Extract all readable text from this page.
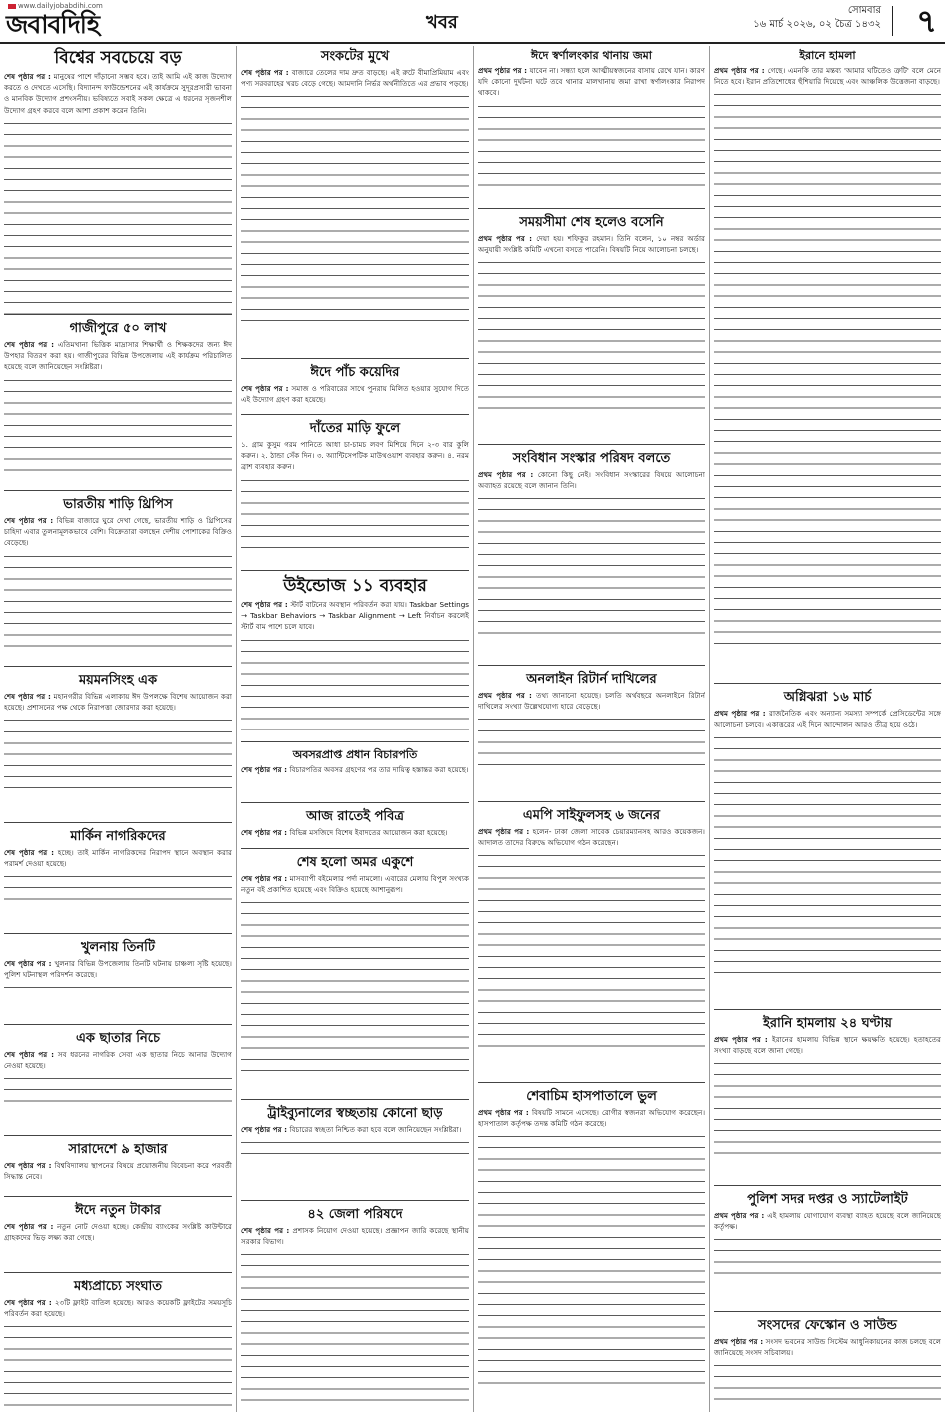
www.dailyjobabdihi.com
জবাবদিহি	খবর
সোমবার
১৬ মার্চ ২০২৬, ০২ চৈত্র ১৪৩২ ৭
বিশ্বের সবচেয়ে বড়

শেষ পৃষ্ঠার পর : মানুষের পাশে দাঁড়ানো সম্ভব হবে। তাই আমি এই কাজ উদ্যোগ করতে ও দেখতে এসেছি। বিদ্যানন্দ ফাউন্ডেশনের এই কার্যক্রমে সুদূরপ্রসারী ভাবনা ও মানবিক উদ্যোগ প্রশংসনীয়। ভবিষ্যতে সবাই সকল ক্ষেত্রে এ ধরনের সৃজনশীল উদ্যোগ গ্রহণ করবে বলে আশা প্রকাশ করেন তিনি।

গাজীপুরে ৫০ লাখ

শেষ পৃষ্ঠার পর : এতিমখানা ভিত্তিক মাদ্রাসার শিক্ষার্থী ও শিক্ষকদের জন্য ঈদ উপহার বিতরণ করা হয়। গাজীপুরের বিভিন্ন উপজেলায় এই কার্যক্রম পরিচালিত হয়েছে বলে জানিয়েছেন সংশ্লিষ্টরা।

ভারতীয় শাড়ি থ্রিপিস

শেষ পৃষ্ঠার পর : বিভিন্ন বাজারে ঘুরে দেখা গেছে, ভারতীয় শাড়ি ও থ্রিপিসের চাহিদা এবার তুলনামূলকভাবে বেশি। বিক্রেতারা বলছেন দেশীয় পোশাকের বিক্রিও বেড়েছে।

ময়মনসিংহ এক

শেষ পৃষ্ঠার পর : মহানগরীর বিভিন্ন এলাকায় ঈদ উপলক্ষে বিশেষ আয়োজন করা হয়েছে। প্রশাসনের পক্ষ থেকে নিরাপত্তা জোরদার করা হয়েছে।

মার্কিন নাগরিকদের

শেষ পৃষ্ঠার পর : হচ্ছে। তাই মার্কিন নাগরিকদের নিরাপদ স্থানে অবস্থান করার পরামর্শ দেওয়া হয়েছে।

খুলনায় তিনটি

শেষ পৃষ্ঠার পর : খুলনার বিভিন্ন উপজেলায় তিনটি ঘটনায় চাঞ্চল্য সৃষ্টি হয়েছে। পুলিশ ঘটনাস্থল পরিদর্শন করেছে।

এক ছাতার নিচে

শেষ পৃষ্ঠার পর : সব ধরনের নাগরিক সেবা এক ছাতার নিচে আনার উদ্যোগ নেওয়া হয়েছে।

সারাদেশে ৯ হাজার

শেষ পৃষ্ঠার পর : বিশ্ববিদ্যালয় স্থাপনের বিষয়ে প্রয়োজনীয় বিবেচনা করে পরবর্তী সিদ্ধান্ত নেবে।

ঈদে নতুন টাকার

শেষ পৃষ্ঠার পর : নতুন নোট দেওয়া হচ্ছে। কেন্দ্রীয় ব্যাংকের সংশ্লিষ্ট কাউন্টারে গ্রাহকদের ভিড় লক্ষ্য করা গেছে।

মধ্যপ্রাচ্যে সংঘাত

শেষ পৃষ্ঠার পর : ২৩টি ফ্লাইট বাতিল হয়েছে। আরও কয়েকটি ফ্লাইটের সময়সূচি পরিবর্তন করা হয়েছে।

সংকটের মুখে

শেষ পৃষ্ঠার পর : বাজারে তেলের দাম দ্রুত বাড়ছে। এই রুটে বীমাপ্রিমিয়াম এবং পণ্য সরবরাহের খরচ বেড়ে গেছে। আমদানি নির্ভর অর্থনীতিতে এর প্রভাব পড়ছে।

ঈদে পাঁচ কয়েদির

শেষ পৃষ্ঠার পর : সমাজ ও পরিবারের সাথে পুনরায় মিলিত হওয়ার সুযোগ দিতে এই উদ্যোগ গ্রহণ করা হয়েছে।

দাঁতের মাড়ি ফুলে

১. গ্রাম কুসুম গরম পানিতে আধা চা-চামচ লবণ মিশিয়ে দিনে ২-৩ বার কুলি করুন। ২. ঠান্ডা সেঁক দিন। ৩. অ্যান্টিসেপটিক মাউথওয়াশ ব্যবহার করুন। ৪. নরম ব্রাশ ব্যবহার করুন।

উইন্ডোজ ১১ ব্যবহার

শেষ পৃষ্ঠার পর : স্টার্ট বাটনের অবস্থান পরিবর্তন করা যায়। Taskbar Settings → Taskbar Behaviors → Taskbar Alignment → Left নির্বাচন করলেই স্টার্ট বাম পাশে চলে যাবে।

অবসরপ্রাপ্ত প্রধান বিচারপতি

শেষ পৃষ্ঠার পর : বিচারপতির অবসর গ্রহণের পর তার দায়িত্ব হস্তান্তর করা হয়েছে।

আজ রাতেই পবিত্র

শেষ পৃষ্ঠার পর : বিভিন্ন মসজিদে বিশেষ ইবাদতের আয়োজন করা হয়েছে।

শেষ হলো অমর একুশে

শেষ পৃষ্ঠার পর : মাসব্যাপী বইমেলার পর্দা নামলো। এবারের মেলায় বিপুল সংখ্যক নতুন বই প্রকাশিত হয়েছে এবং বিক্রিও হয়েছে আশানুরূপ।

ট্রাইব্যুনালের স্বচ্ছতায় কোনো ছাড়

শেষ পৃষ্ঠার পর : বিচারের স্বচ্ছতা নিশ্চিত করা হবে বলে জানিয়েছেন সংশ্লিষ্টরা।

৪২ জেলা পরিষদে

শেষ পৃষ্ঠার পর : প্রশাসক নিয়োগ দেওয়া হয়েছে। প্রজ্ঞাপন জারি করেছে স্থানীয় সরকার বিভাগ।

ঈদে স্বর্ণালংকার থানায় জমা

প্রথম পৃষ্ঠার পর : যাবেন না। সন্ধ্যা হলে আত্মীয়স্বজনের বাসায় রেখে যান। কারণ যদি কোনো দুর্ঘটনা ঘটে তবে থানার মালখানায় জমা রাখা স্বর্ণালংকার নিরাপদ থাকবে।

সময়সীমা শেষ হলেও বসেনি

প্রথম পৃষ্ঠার পর : দেয়া হয়। শফিকুর রহমান। তিনি বলেন, ১০ নম্বর অর্ডার অনুযায়ী সংশ্লিষ্ট কমিটি এখনো বসতে পারেনি। বিষয়টি নিয়ে আলোচনা চলছে।

সংবিধান সংস্কার পরিষদ বলতে

প্রথম পৃষ্ঠার পর : কোনো কিছু নেই। সংবিধান সংস্কারের বিষয়ে আলোচনা অব্যাহত রয়েছে বলে জানান তিনি।

অনলাইন রিটার্ন দাখিলের

প্রথম পৃষ্ঠার পর : তথ্য জানানো হয়েছে। চলতি অর্থবছরে অনলাইনে রিটার্ন দাখিলের সংখ্যা উল্লেখযোগ্য হারে বেড়েছে।

এমপি সাইফুলসহ ৬ জনের

প্রথম পৃষ্ঠার পর : হলেন- ঢাকা জেলা সাবেক চেয়ারম্যানসহ আরও কয়েকজন। আদালত তাদের বিরুদ্ধে অভিযোগ গঠন করেছেন।

শেবাচিম হাসপাতালে ভুল

প্রথম পৃষ্ঠার পর : বিষয়টি সামনে এসেছে। রোগীর স্বজনরা অভিযোগ করেছেন। হাসপাতাল কর্তৃপক্ষ তদন্ত কমিটি গঠন করেছে।

ইরানে হামলা

প্রথম পৃষ্ঠার পর : গেছে। এমনকি তার মন্তব্য 'আমার ঘটিতেও ত্রুটি' বলে মেনে নিতে হবে। ইরান প্রতিশোধের হুঁশিয়ারি দিয়েছে এবং আঞ্চলিক উত্তেজনা বাড়ছে।

অগ্নিঝরা ১৬ মার্চ

প্রথম পৃষ্ঠার পর : রাজনৈতিক এবং অন্যান্য সমস্যা সম্পর্কে প্রেসিডেন্টের সঙ্গে আলোচনা চলবে। একাত্তরের এই দিনে আন্দোলন আরও তীব্র হয়ে ওঠে।

ইরানি হামলায় ২৪ ঘণ্টায়

প্রথম পৃষ্ঠার পর : ইরানের হামলায় বিভিন্ন স্থানে ক্ষয়ক্ষতি হয়েছে। হতাহতের সংখ্যা বাড়ছে বলে জানা গেছে।

পুলিশ সদর দপ্তর ও স্যাটেলাইট

প্রথম পৃষ্ঠার পর : এই হামলায় যোগাযোগ ব্যবস্থা ব্যাহত হয়েছে বলে জানিয়েছে কর্তৃপক্ষ।

সংসদের ফেস্কোন ও সাউন্ড

প্রথম পৃষ্ঠার পর : সংসদ ভবনের সাউন্ড সিস্টেম আধুনিকায়নের কাজ চলছে বলে জানিয়েছে সংসদ সচিবালয়।
